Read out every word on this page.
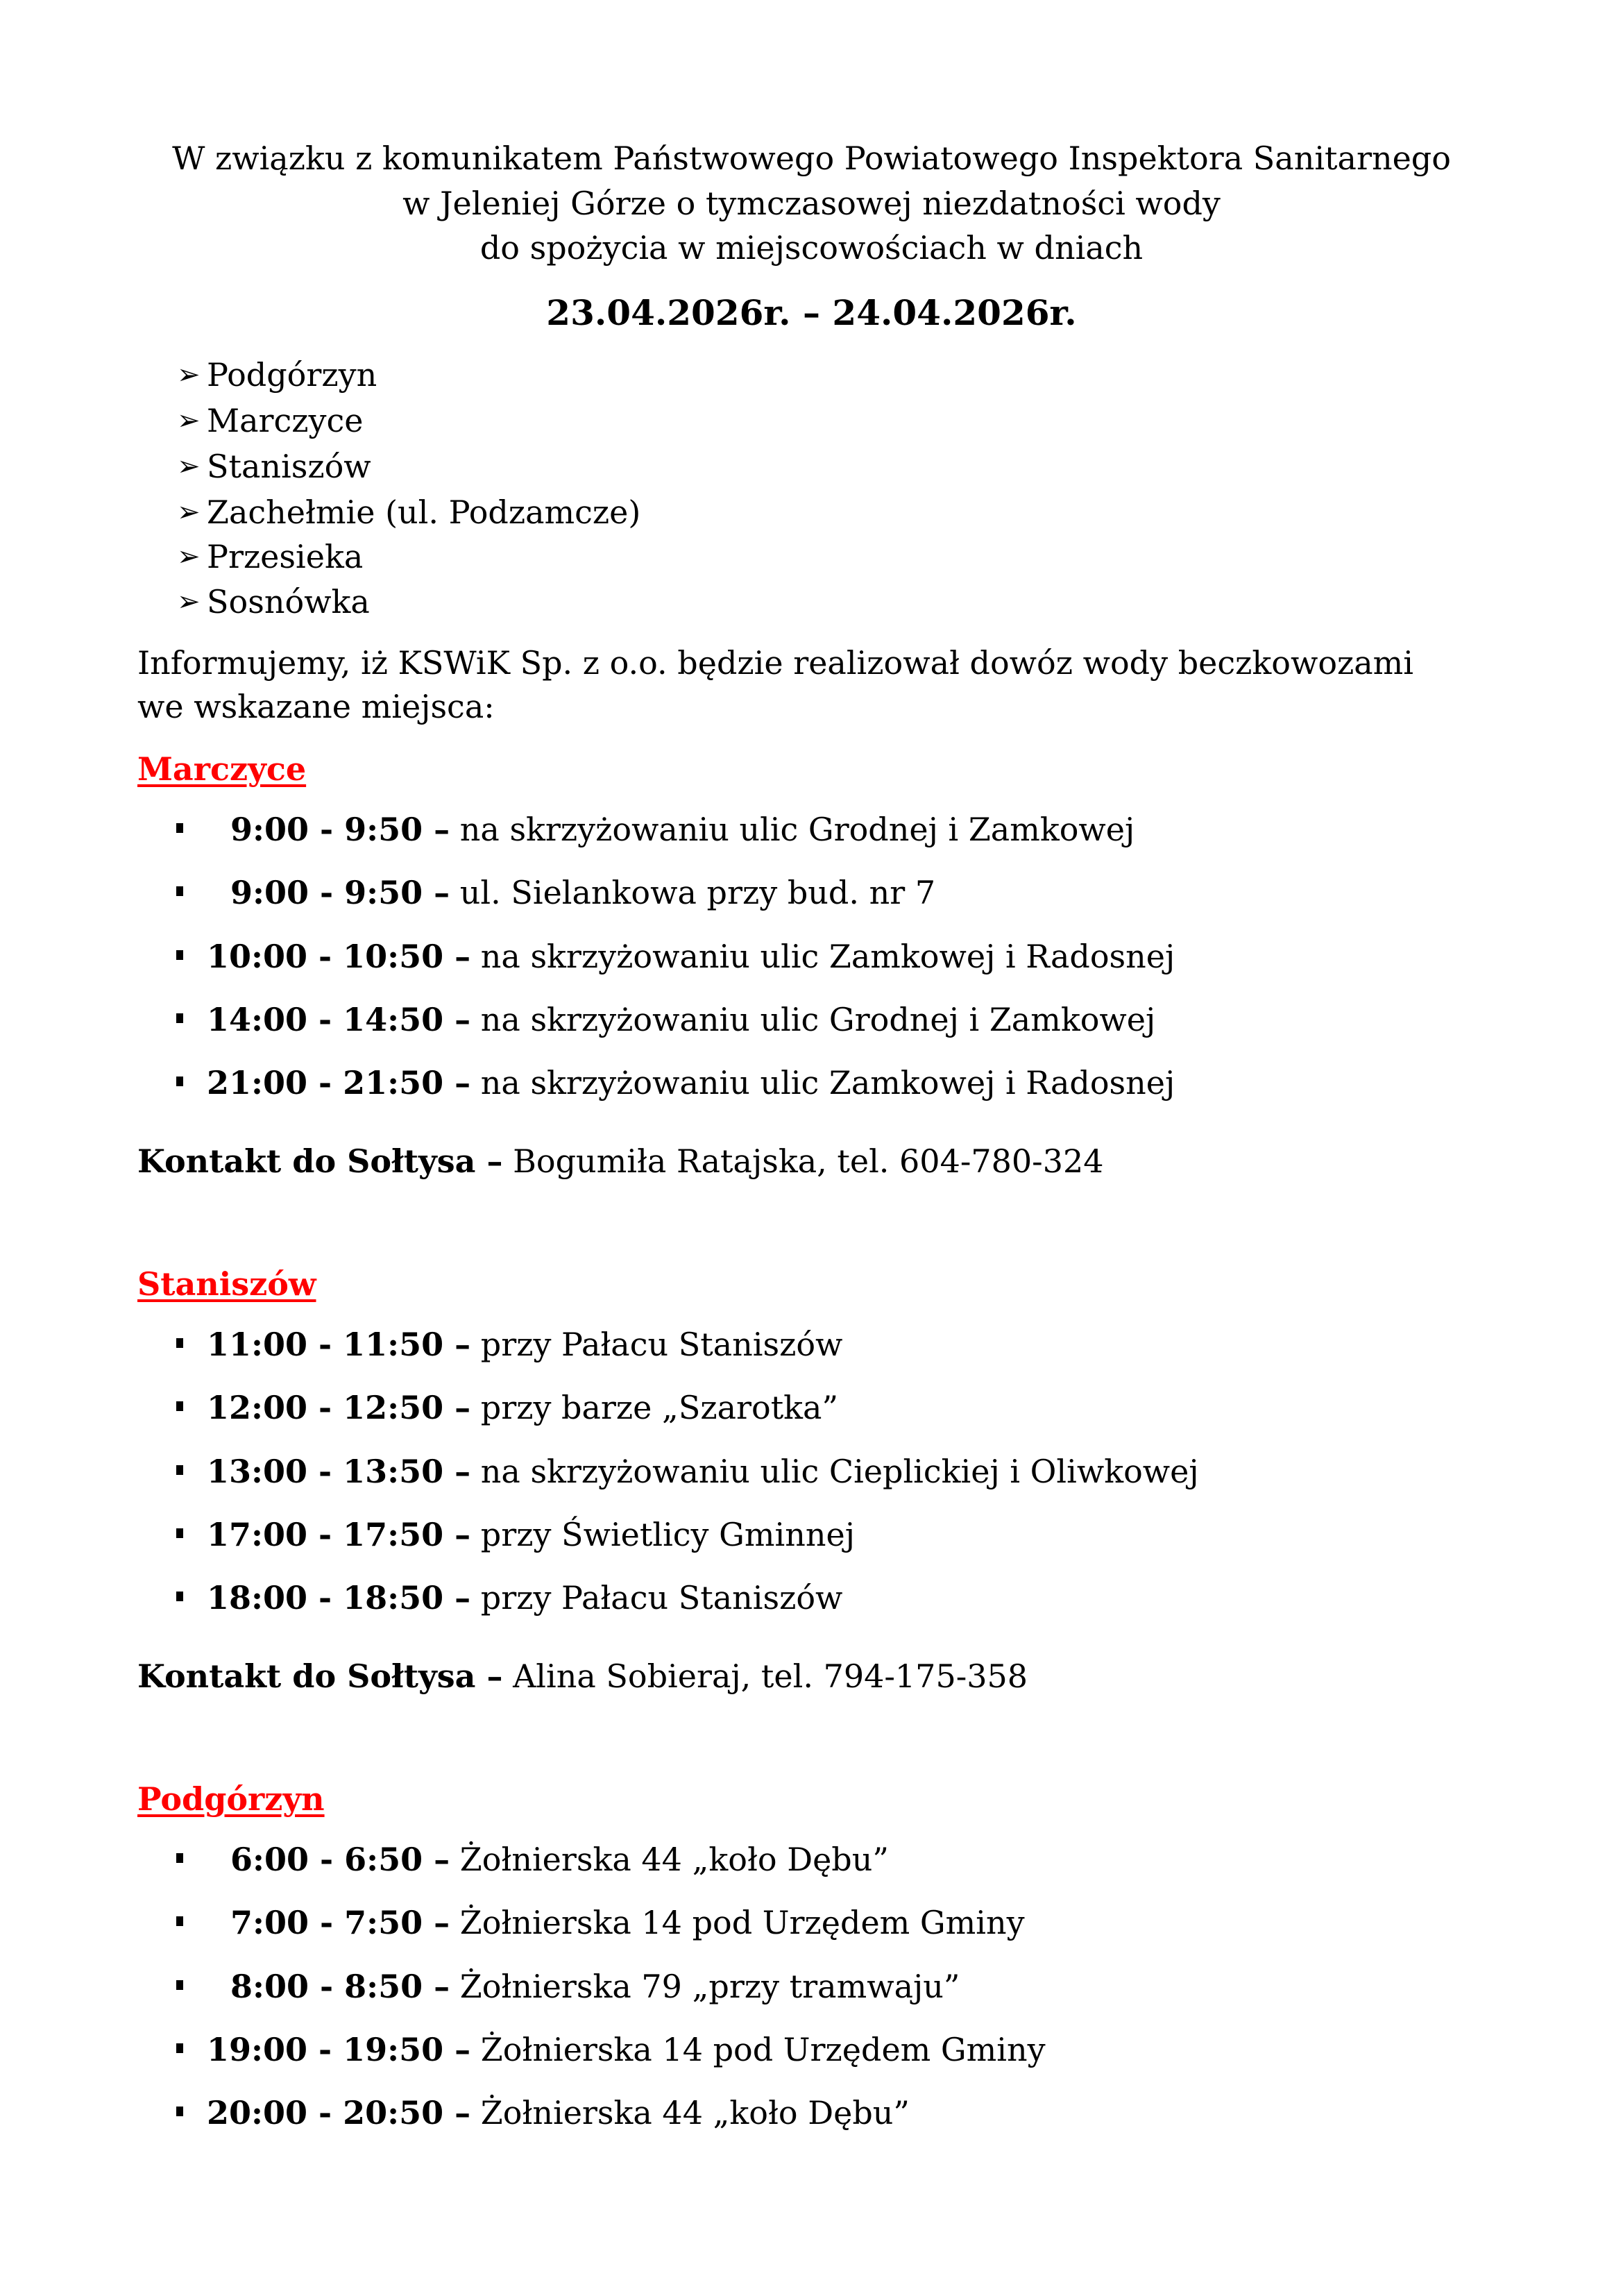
W związku z komunikatem Państwowego Powiatowego Inspektora Sanitarnego
w Jeleniej Górze o tymczasowej niezdatności wody
do spożycia w miejscowościach w dniach
23.04.2026r. – 24.04.2026r.
➢ Podgórzyn
➢ Marczyce
➢ Staniszów
➢ Zachełmie (ul. Podzamcze)
➢ Przesieka
➢ Sosnówka
Informujemy, iż KSWiK Sp. z o.o. będzie realizował dowóz wody beczkowozami
we wskazane miejsca:
Marczyce
9:00 - 9:50 – na skrzyżowaniu ulic Grodnej i Zamkowej
9:00 - 9:50 – ul. Sielankowa przy bud. nr 7
10:00 - 10:50 – na skrzyżowaniu ulic Zamkowej i Radosnej
14:00 - 14:50 – na skrzyżowaniu ulic Grodnej i Zamkowej
21:00 - 21:50 – na skrzyżowaniu ulic Zamkowej i Radosnej
Kontakt do Sołtysa – Bogumiła Ratajska, tel. 604-780-324
Staniszów
11:00 - 11:50 – przy Pałacu Staniszów
12:00 - 12:50 – przy barze „Szarotka”
13:00 - 13:50 – na skrzyżowaniu ulic Cieplickiej i Oliwkowej
17:00 - 17:50 – przy Świetlicy Gminnej
18:00 - 18:50 – przy Pałacu Staniszów
Kontakt do Sołtysa – Alina Sobieraj, tel. 794-175-358
Podgórzyn
6:00 - 6:50 – Żołnierska 44 „koło Dębu”
7:00 - 7:50 – Żołnierska 14 pod Urzędem Gminy
8:00 - 8:50 – Żołnierska 79 „przy tramwaju”
19:00 - 19:50 – Żołnierska 14 pod Urzędem Gminy
20:00 - 20:50 – Żołnierska 44 „koło Dębu”
